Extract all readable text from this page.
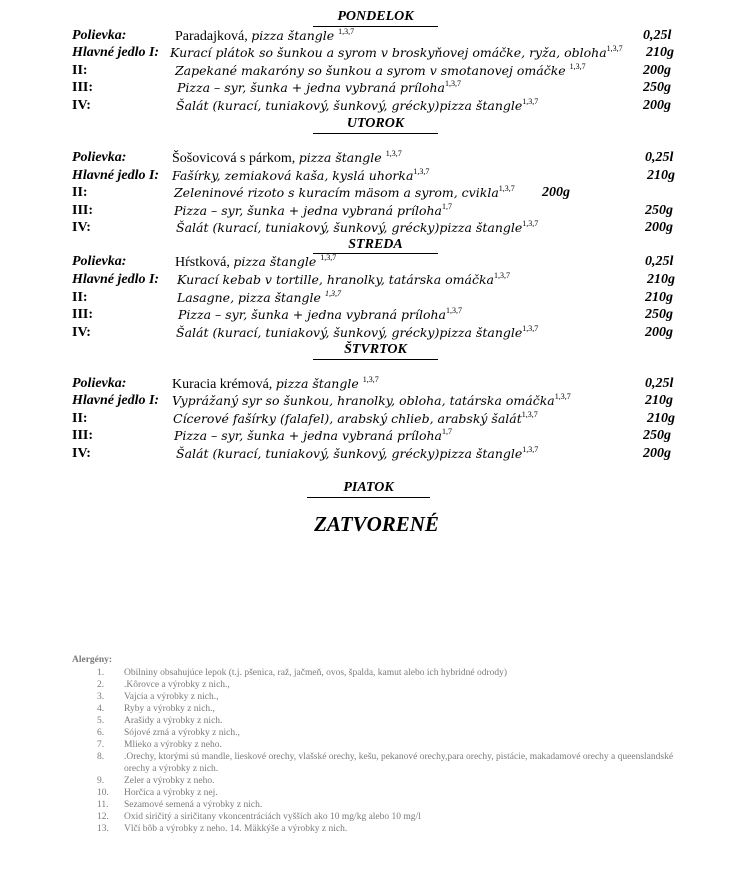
PONDELOK
Polievka:	Paradajková, pizza štangle $^{1,3,7}$	0,25l
Hlavné jedlo I: Kurací plátok so šunkou a syrom v broskyňovej omáčke, ryža, obloha$^{1,3,7}$ 210g
II:	Zapekané makaróny so šunkou a syrom v smotanovej omáčke $^{1,3,7}$	200g
III:	Pizza – syr, šunka + jedna vybraná príloha$^{1,3,7}$	250g
IV:	Šalát (kurací, tuniakový, šunkový, grécky)pizza štangle$^{1,3,7}$	200g
UTOROK
Polievka:	Šošovicová s párkom, pizza štangle $^{1,3,7}$	0,25l
Hlavné jedlo I: Fašírky, zemiaková kaša, kyslá uhorka$^{1,3,7}$	210g
II:	Zeleninové rizoto s kuracím mäsom a syrom, cvikla$^{1,3,7}$ 200g
III:	Pizza – syr, šunka + jedna vybraná príloha$^{1,7}$	250g
IV:	Šalát (kurací, tuniakový, šunkový, grécky)pizza štangle$^{1,3,7}$	200g
STREDA
Polievka:	Hŕstková, pizza štangle $^{1,3,7}$	0,25l
Hlavné jedlo I: Kurací kebab v tortille, hranolky, tatárska omáčka$^{1,3,7}$	210g
II:	Lasagne, pizza štangle $^{1,3,7}$	210g
III:	Pizza – syr, šunka + jedna vybraná príloha$^{1,3,7}$	250g
IV:	Šalát (kurací, tuniakový, šunkový, grécky)pizza štangle$^{1,3,7}$	200g
ŠTVRTOK
Polievka:	Kuracia krémová, pizza štangle $^{1,3,7}$	0,25l
Hlavné jedlo I: Vyprážaný syr so šunkou, hranolky, obloha, tatárska omáčka$^{1,3,7}$	210g
II:	Cícerové fašírky (falafel), arabský chlieb, arabský šalát$^{1,3,7}$	210g
III:	Pizza – syr, šunka + jedna vybraná príloha$^{1,7}$	250g
IV:	Šalát (kurací, tuniakový, šunkový, grécky)pizza štangle$^{1,3,7}$	200g
PIATOK
ZATVORENÉ
Alergény:
1. Obilniny obsahujúce lepok (t.j. pšenica, raž, jačmeň, ovos, špalda, kamut alebo ich hybridné odrody)
2. .Kôrovce a výrobky z nich.,
3. Vajcia a výrobky z nich.,
4. Ryby a výrobky z nich.,
5. Arašidy a výrobky z nich.
6. Sójové zrná a výrobky z nich.,
7. Mlieko a výrobky z neho.
8. .Orechy, ktorými sú mandle, lieskové orechy, vlašské orechy, kešu, pekanové orechy,para orechy, pistácie, makadamové orechy a queenslandské orechy a výrobky z nich.
9. Zeler a výrobky z neho.
10. Horčica a výrobky z nej.
11. Sezamové semená a výrobky z nich.
12. Oxid siričitý a siričitany vkoncentráciách vyšších ako 10 mg/kg alebo 10 mg/l
13. Vlčí bôb a výrobky z neho. 14. Mäkkýše a výrobky z nich.
